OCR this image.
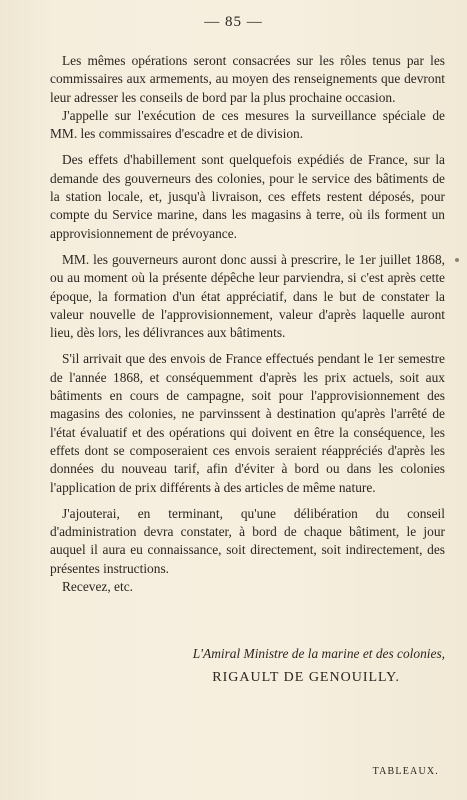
— 85 —

Les mêmes opérations seront consacrées sur les rôles tenus par les commissaires aux armements, au moyen des renseignements que devront leur adresser les conseils de bord par la plus prochaine occasion.

J'appelle sur l'exécution de ces mesures la surveillance spéciale de MM. les commissaires d'escadre et de division.

Des effets d'habillement sont quelquefois expédiés de France, sur la demande des gouverneurs des colonies, pour le service des bâtiments de la station locale, et, jusqu'à livraison, ces effets restent déposés, pour compte du Service marine, dans les magasins à terre, où ils forment un approvisionnement de prévoyance.

MM. les gouverneurs auront donc aussi à prescrire, le 1er juillet 1868, ou au moment où la présente dépêche leur parviendra, si c'est après cette époque, la formation d'un état appréciatif, dans le but de constater la valeur nouvelle de l'approvisionnement, valeur d'après laquelle auront lieu, dès lors, les délivrances aux bâtiments.

S'il arrivait que des envois de France effectués pendant le 1er semestre de l'année 1868, et conséquemment d'après les prix actuels, soit aux bâtiments en cours de campagne, soit pour l'approvisionnement des magasins des colonies, ne parvinssent à destination qu'après l'arrêté de l'état évaluatif et des opérations qui doivent en être la conséquence, les effets dont se composeraient ces envois seraient réappréciés d'après les données du nouveau tarif, afin d'éviter à bord ou dans les colonies l'application de prix différents à des articles de même nature.

J'ajouterai, en terminant, qu'une délibération du conseil d'administration devra constater, à bord de chaque bâtiment, le jour auquel il aura eu connaissance, soit directement, soit indirectement, des présentes instructions.

Recevez, etc.

L'Amiral Ministre de la marine et des colonies,
RIGAULT DE GENOUILLY.
TABLEAUX.
